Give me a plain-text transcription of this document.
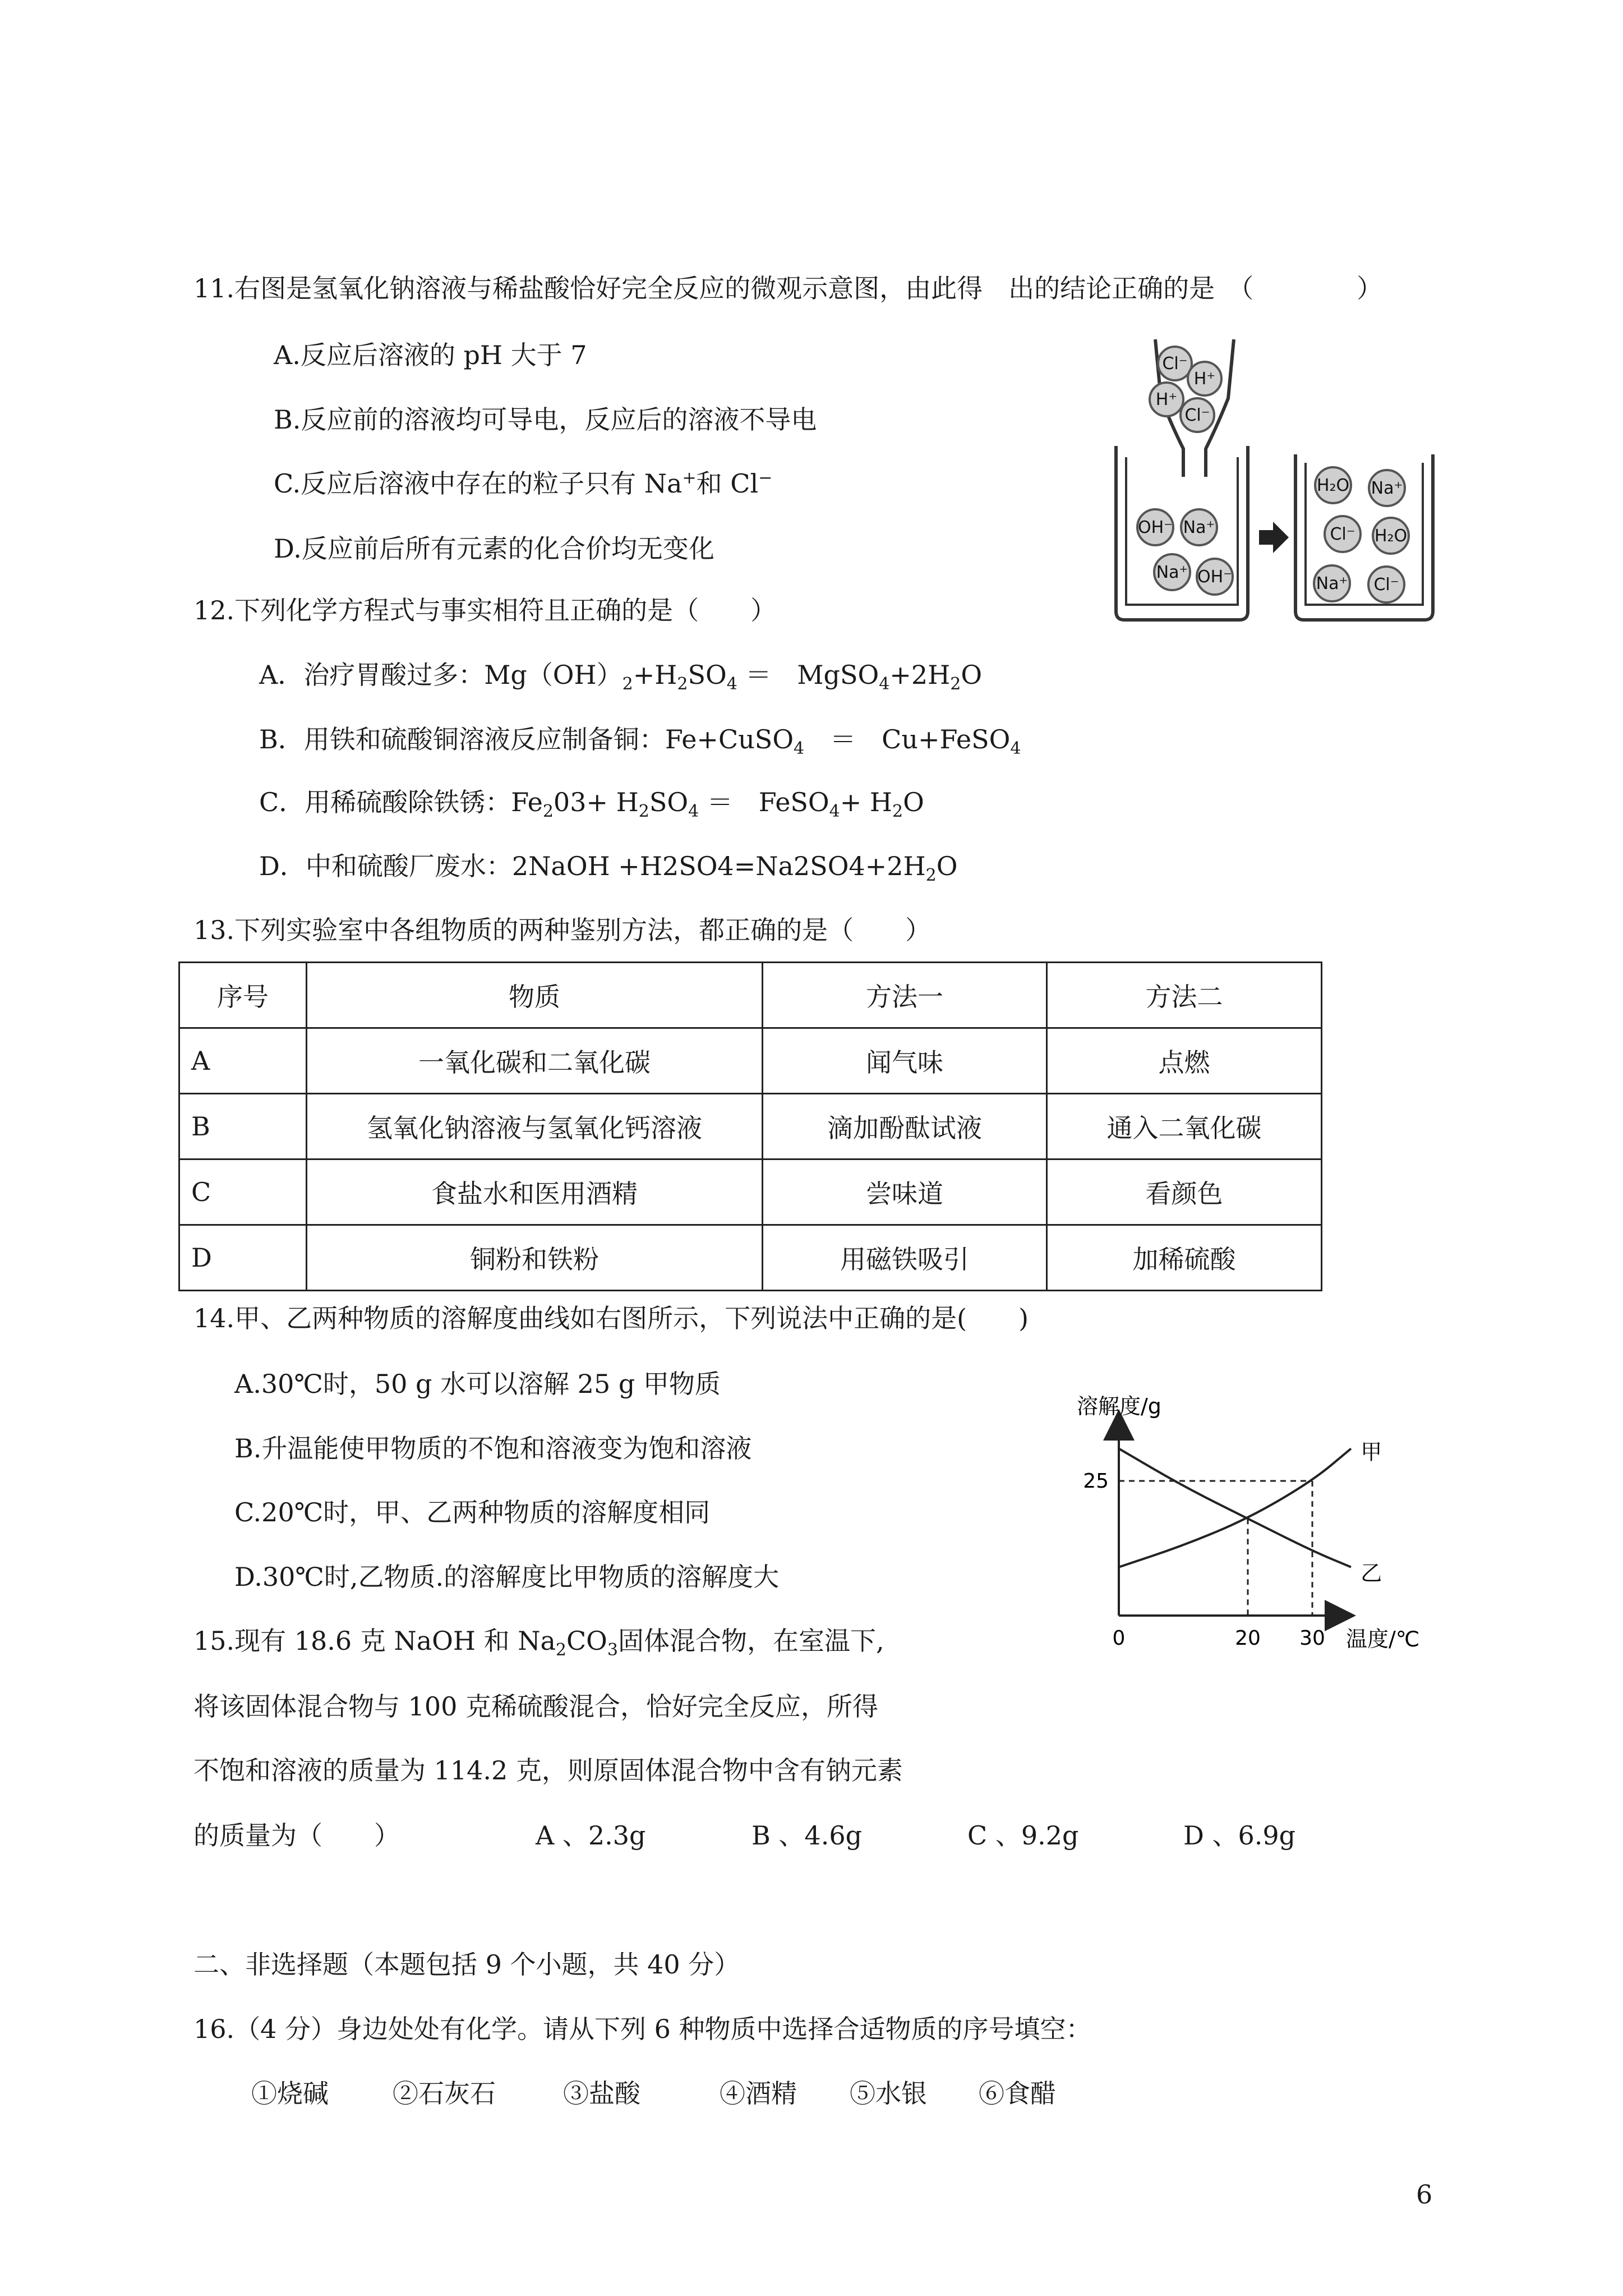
11.右图是氢氧化钠溶液与稀盐酸恰好完全反应的微观示意图，由此得　出的结论正确的是　（　　　　）
A.反应后溶液的 pH 大于 7
B.反应前的溶液均可导电，反应后的溶液不导电
C.反应后溶液中存在的粒子只有 Na+和 Cl−
D.反应前后所有元素的化合价均无变化
Cl⁻
H⁺
H⁺
Cl⁻
OH⁻ Na⁺
Na⁺ OH⁻
H₂O Na⁺
Cl⁻ H₂O
Na⁺ Cl⁻
12.下列化学方程式与事实相符且正确的是（　　）
A．治疗胃酸过多：$Mg(OH)_2+H_2SO_4$ ＝　$MgSO_4+2H_2O$
B．用铁和硫酸铜溶液反应制备铜：Fe+CuSO$_4$　＝　Cu+FeSO$_4$
C．用稀硫酸除铁锈：$Fe_203+ H_2SO_4$ ＝　FeSO$_4$+ $H_2O$
D．中和硫酸厂废水：2NaOH $+H2SO4=Na2SO4+2H_2O$
13.下列实验室中各组物质的两种鉴别方法，都正确的是（　　）
序号	物质	方法一	方法二
A	一氧化碳和二氧化碳	闻气味	点燃
B	氢氧化钠溶液与氢氧化钙溶液	滴加酚酞试液	通入二氧化碳
C	食盐水和医用酒精	尝味道	看颜色
D	铜粉和铁粉	用磁铁吸引	加稀硫酸
14.甲、乙两种物质的溶解度曲线如右图所示，下列说法中正确的是(　　)
A.30℃时，50 g 水可以溶解 25 g 甲物质
B.升温能使甲物质的不饱和溶液变为饱和溶液
C.20℃时，甲、乙两种物质的溶解度相同
D.30℃时,乙物质.的溶解度比甲物质的溶解度大
溶解度/g
温度/℃
甲
乙
25
0	20 30
15.现有 18.6 克 NaOH 和 $Na_2CO_3$固体混合物，在室温下,
将该固体混合物与 100 克稀硫酸混合，恰好完全反应，所得
不饱和溶液的质量为 114.2 克，则原固体混合物中含有钠元素
的质量为（　　）	A 、2.3g	B 、4.6g	C 、9.2g	D 、6.9g
二、非选择题（本题包括 9 个小题，共 40 分）
16.（4 分）身边处处有化学。请从下列 6 种物质中选择合适物质的序号填空：
①烧碱 ②石灰石	③盐酸	④酒精 ⑤水银 ⑥食醋
6
